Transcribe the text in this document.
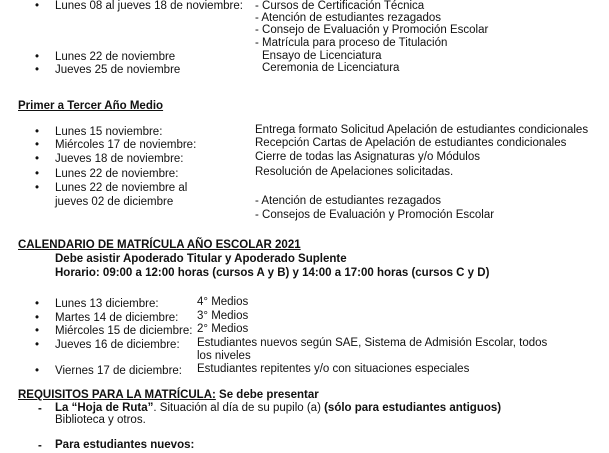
• Lunes 08 al jueves 18 de noviembre: - Cursos de Certificación Técnica
- Atención de estudiantes rezagados
- Consejo de Evaluación y Promoción Escolar
- Matrícula para proceso de Titulación
• Lunes 22 de noviembre	Ensayo de Licenciatura
• Jueves 25 de noviembre	Ceremonia de Licenciatura
Primer a Tercer Año Medio
• Lunes 15 noviembre:	Entrega formato Solicitud Apelación de estudiantes condicionales
• Miércoles 17 de noviembre:	Recepción Cartas de Apelación de estudiantes condicionales
• Jueves 18 de noviembre:	Cierre de todas las Asignaturas y/o Módulos
• Lunes 22 de noviembre:	Resolución de Apelaciones solicitadas.
• Lunes 22 de noviembre al
jueves 02 de diciembre	- Atención de estudiantes rezagados
- Consejos de Evaluación y Promoción Escolar
CALENDARIO DE MATRÍCULA AÑO ESCOLAR 2021
Debe asistir Apoderado Titular y Apoderado Suplente
Horario: 09:00 a 12:00 horas (cursos A y B) y 14:00 a 17:00 horas (cursos C y D)
• Lunes 13 diciembre:	4° Medios
• Martes 14 de diciembre: 3° Medios
• Miércoles 15 de diciembre: 2° Medios
• Jueves 16 de diciembre: Estudiantes nuevos según SAE, Sistema de Admisión Escolar, todos
los niveles
• Viernes 17 de diciembre: Estudiantes repitentes y/o con situaciones especiales
REQUISITOS PARA LA MATRÍCULA: Se debe presentar
- La “Hoja de Ruta”. Situación al día de su pupilo (a) (sólo para estudiantes antiguos)
Biblioteca y otros.
- Para estudiantes nuevos:
